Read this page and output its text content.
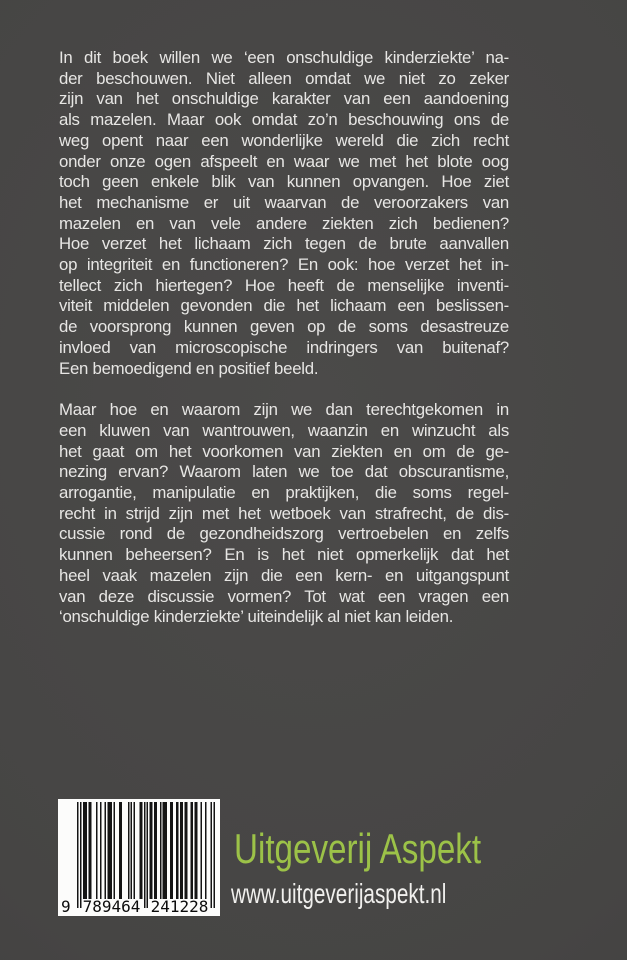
In dit boek willen we ‘een onschuldige kinderziekte’ na-
der beschouwen. Niet alleen omdat we niet zo zeker
zijn van het onschuldige karakter van een aandoening
als mazelen. Maar ook omdat zo’n beschouwing ons de
weg opent naar een wonderlijke wereld die zich recht
onder onze ogen afspeelt en waar we met het blote oog
toch geen enkele blik van kunnen opvangen. Hoe ziet
het mechanisme er uit waarvan de veroorzakers van
mazelen en van vele andere ziekten zich bedienen?
Hoe verzet het lichaam zich tegen de brute aanvallen
op integriteit en functioneren? En ook: hoe verzet het in-
tellect zich hiertegen? Hoe heeft de menselijke inventi-
viteit middelen gevonden die het lichaam een beslissen-
de voorsprong kunnen geven op de soms desastreuze
invloed van microscopische indringers van buitenaf?
Een bemoedigend en positief beeld.

Maar hoe en waarom zijn we dan terechtgekomen in
een kluwen van wantrouwen, waanzin en winzucht als
het gaat om het voorkomen van ziekten en om de ge-
nezing ervan? Waarom laten we toe dat obscurantisme,
arrogantie, manipulatie en praktijken, die soms regel-
recht in strijd zijn met het wetboek van strafrecht, de dis-
cussie rond de gezondheidszorg vertroebelen en zelfs
kunnen beheersen? En is het niet opmerkelijk dat het
heel vaak mazelen zijn die een kern- en uitgangspunt
van deze discussie vormen? Tot wat een vragen een
‘onschuldige kinderziekte’ uiteindelijk al niet kan leiden.

9 789464 241228
Uitgeverij Aspekt
www.uitgeverijaspekt.nl
